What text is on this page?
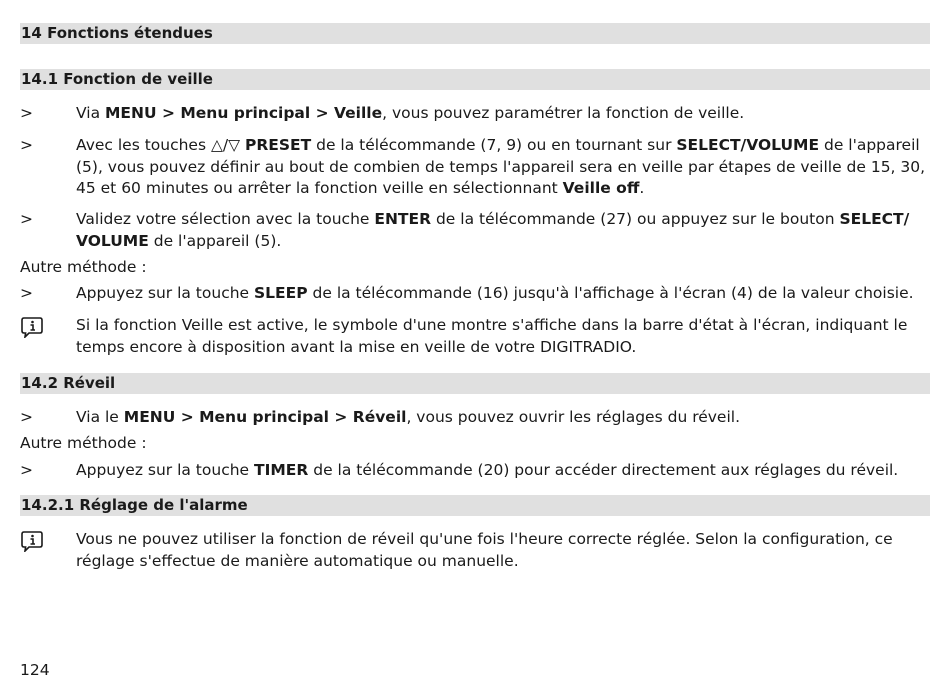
14 Fonctions étendues
14.1 Fonction de veille
>	Via MENU > Menu principal > Veille, vous pouvez paramétrer la fonction de veille.
>	Avec les touches △/▽ PRESET de la télécommande (7, 9) ou en tournant sur SELECT/VOLUME de l'appareil (5), vous pouvez définir au bout de combien de temps l'appareil sera en veille par étapes de veille de 15, 30, 45 et 60 minutes ou arrêter la fonction veille en sélectionnant Veille off.
>	Validez votre sélection avec la touche ENTER de la télécommande (27) ou appuyez sur le bouton SELECT/ VOLUME de l'appareil (5).
Autre méthode :
>	Appuyez sur la touche SLEEP de la télécommande (16) jusqu'à l'affichage à l'écran (4) de la valeur choisie.
Si la fonction Veille est active, le symbole d'une montre s'affiche dans la barre d'état à l'écran, indiquant le temps encore à disposition avant la mise en veille de votre DIGITRADIO.
14.2 Réveil
>	Via le MENU > Menu principal > Réveil, vous pouvez ouvrir les réglages du réveil.
Autre méthode :
>	Appuyez sur la touche TIMER de la télécommande (20) pour accéder directement aux réglages du réveil.
14.2.1 Réglage de l'alarme
Vous ne pouvez utiliser la fonction de réveil qu'une fois l'heure correcte réglée. Selon la configuration, ce réglage s'effectue de manière automatique ou manuelle.
124
